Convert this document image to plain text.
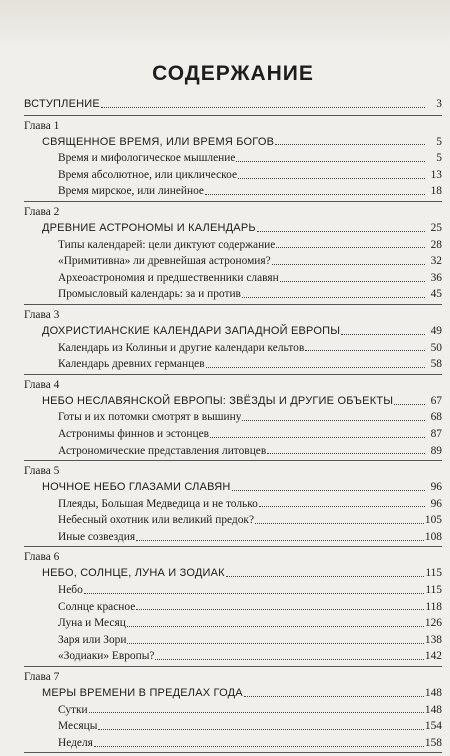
СОДЕРЖАНИЕ
ВСТУПЛЕНИЕ	3
Глава 1
СВЯЩЕННОЕ ВРЕМЯ, ИЛИ ВРЕМЯ БОГОВ	5
Время и мифологическое мышление	5
Время абсолютное, или циклическое	13
Время мирское, или линейное	18
Глава 2
ДРЕВНИЕ АСТРОНОМЫ И КАЛЕНДАРЬ	25
Типы календарей: цели диктуют содержание	28
«Примитивна» ли древнейшая астрономия?	32
Археоастрономия и предшественники славян	36
Промысловый календарь: за и против	45
Глава 3
ДОХРИСТИАНСКИЕ КАЛЕНДАРИ ЗАПАДНОЙ ЕВРОПЫ	49
Календарь из Колиньи и другие календари кельтов	50
Календарь древних германцев	58
Глава 4
НЕБО НЕСЛАВЯНСКОЙ ЕВРОПЫ: ЗВЁЗДЫ И ДРУГИЕ ОБЪЕКТЫ	67
Готы и их потомки смотрят в вышину	68
Астронимы финнов и эстонцев	87
Астрономические представления литовцев	89
Глава 5
НОЧНОЕ НЕБО ГЛАЗАМИ СЛАВЯН	96
Плеяды, Большая Медведица и не только	96
Небесный охотник или великий предок?	105
Иные созвездия	108
Глава 6
НЕБО, СОЛНЦЕ, ЛУНА И ЗОДИАК	115
Небо	115
Солнце красное	118
Луна и Месяц	126
Заря или Зори	138
«Зодиаки» Европы?	142
Глава 7
МЕРЫ ВРЕМЕНИ В ПРЕДЕЛАХ ГОДА	148
Сутки	148
Месяцы	154
Неделя	158
